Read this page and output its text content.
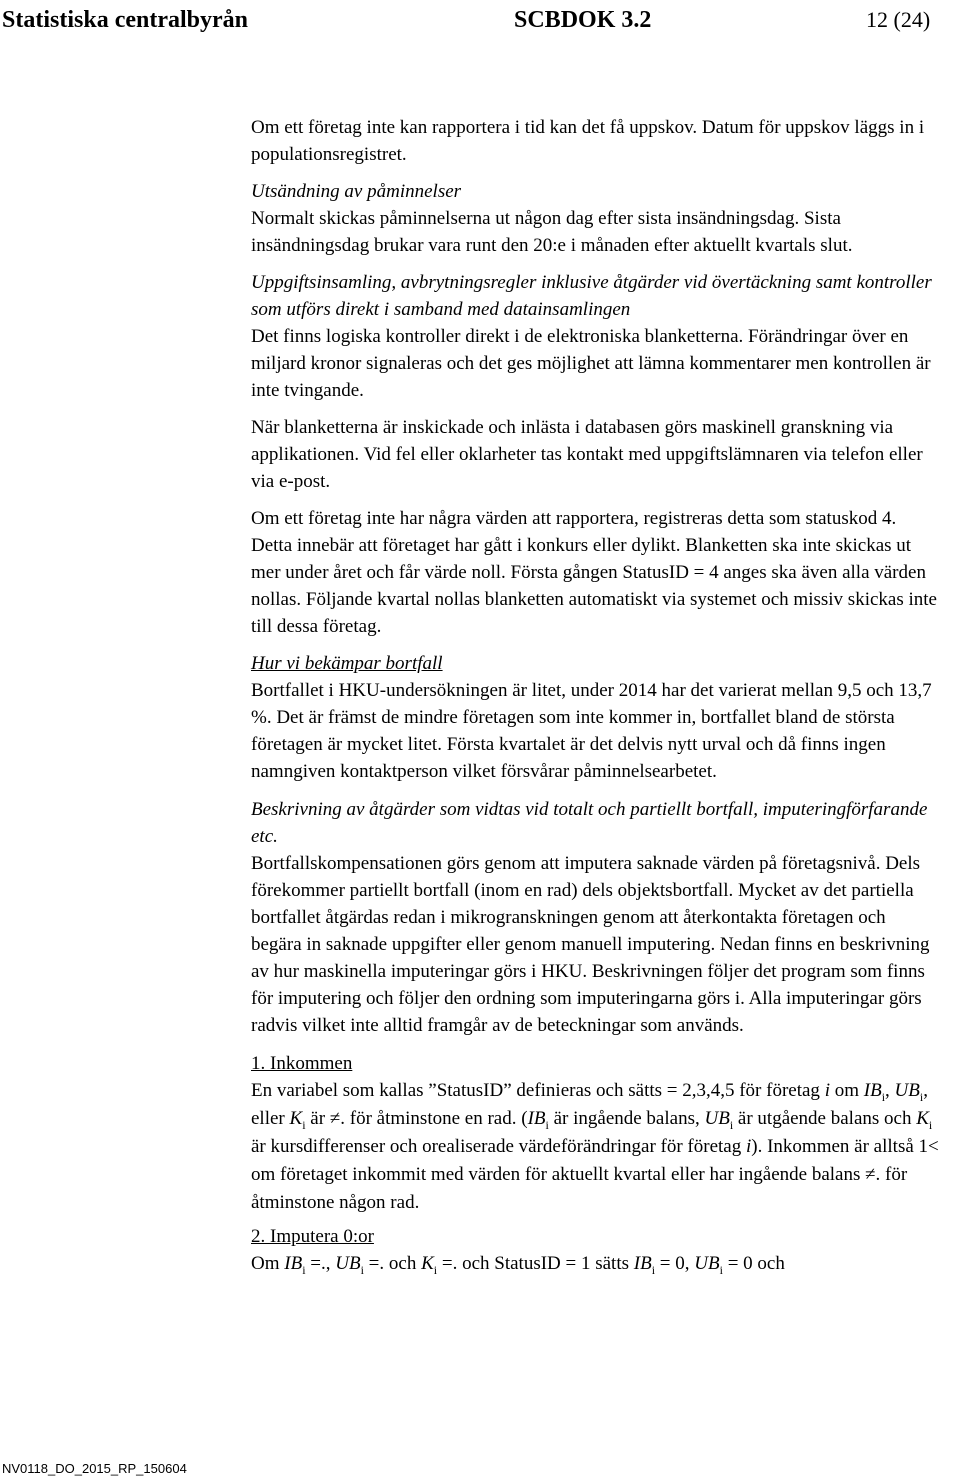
Statistiska centralbyrån	SCBDOK 3.2	12 (24)

Om ett företag inte kan rapportera i tid kan det få uppskov. Datum för uppskov läggs in i populationsregistret.

Utsändning av påminnelser

Normalt skickas påminnelserna ut någon dag efter sista insändningsdag. Sista insändningsdag brukar vara runt den 20:e i månaden efter aktuellt kvartals slut.

Uppgiftsinsamling, avbrytningsregler inklusive åtgärder vid övertäckning samt kontroller som utförs direkt i samband med datainsamlingen

Det finns logiska kontroller direkt i de elektroniska blanketterna. Förändringar över en miljard kronor signaleras och det ges möjlighet att lämna kommentarer men kontrollen är inte tvingande.

När blanketterna är inskickade och inlästa i databasen görs maskinell granskning via applikationen. Vid fel eller oklarheter tas kontakt med uppgiftslämnaren via telefon eller via e-post.

Om ett företag inte har några värden att rapportera, registreras detta som statuskod 4. Detta innebär att företaget har gått i konkurs eller dylikt. Blanketten ska inte skickas ut mer under året och får värde noll. Första gången StatusID = 4 anges ska även alla värden nollas. Följande kvartal nollas blanketten automatiskt via systemet och missiv skickas inte till dessa företag.

Hur vi bekämpar bortfall

Bortfallet i HKU-undersökningen är litet, under 2014 har det varierat mellan 9,5 och 13,7 %. Det är främst de mindre företagen som inte kommer in, bortfallet bland de största företagen är mycket litet. Första kvartalet är det delvis nytt urval och då finns ingen namngiven kontaktperson vilket försvårar påminnelsearbetet.

Beskrivning av åtgärder som vidtas vid totalt och partiellt bortfall, imputeringförfarande etc.

Bortfallskompensationen görs genom att imputera saknade värden på företagsnivå. Dels förekommer partiellt bortfall (inom en rad) dels objektsbortfall. Mycket av det partiella bortfallet åtgärdas redan i mikrogranskningen genom att återkontakta företagen och begära in saknade uppgifter eller genom manuell imputering. Nedan finns en beskrivning av hur maskinella imputeringar görs i HKU. Beskrivningen följer det program som finns för imputering och följer den ordning som imputeringarna görs i. Alla imputeringar görs radvis vilket inte alltid framgår av de beteckningar som används.

1. Inkommen

En variabel som kallas ”StatusID” definieras och sätts = 2,3,4,5 för företag i om $IB_i$, $UB_i$, eller $K_i$ är ≠. för åtminstone en rad. ($IB_i$ är ingående balans, $UB_i$ är utgående balans och $K_i$ är kursdifferenser och orealiserade värdeförändringar för företag i). Inkommen är alltså 1< om företaget inkommit med värden för aktuellt kvartal eller har ingående balans ≠. för åtminstone någon rad.

2. Imputera 0:or

Om $IB_i$ =., $UB_i$ =. och $K_i$ =. och StatusID = 1 sätts $IB_i = 0$, $UB_i = 0$ och

NV0118_DO_2015_RP_150604
